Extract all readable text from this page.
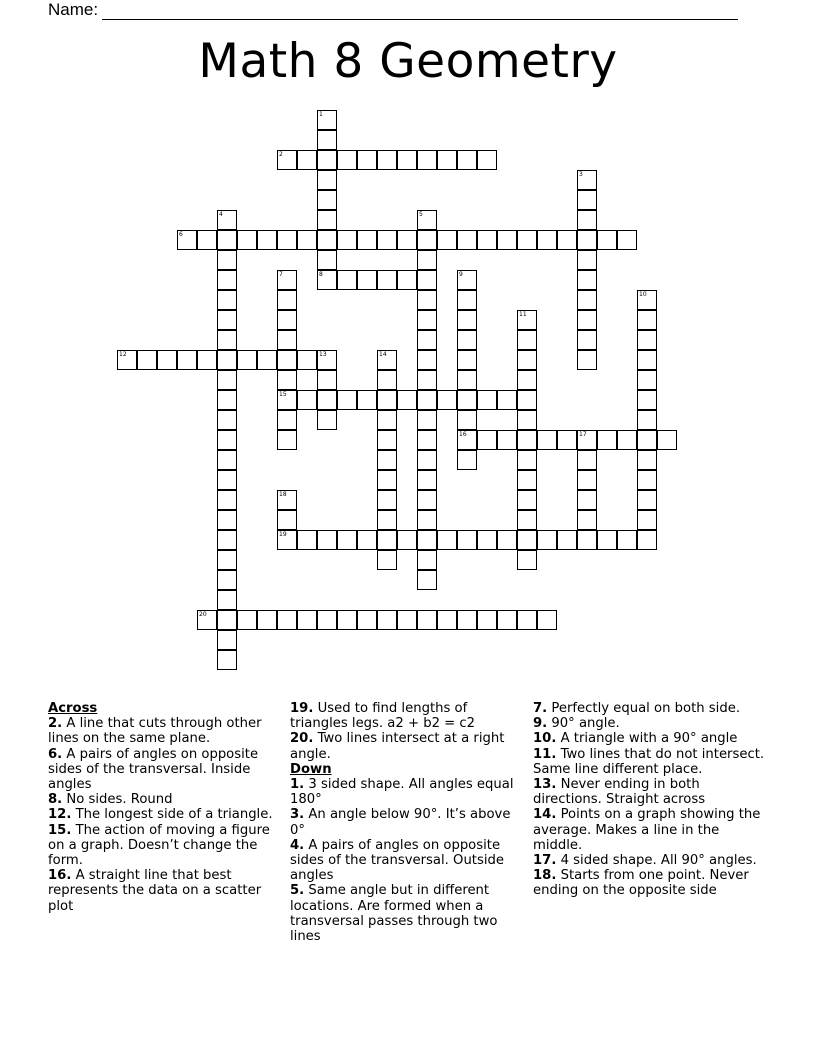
Name:
Math 8 Geometry
2
6
8
12
15
16	17
19
20
1
3
4	5
7	9
10
11
13	14
18
Across
2. A line that cuts through other lines on the same plane.
6. A pairs of angles on opposite sides of the transversal. Inside angles
8. No sides. Round
12. The longest side of a triangle.
15. The action of moving a figure on a graph. Doesn’t change the form.
16. A straight line that best represents the data on a scatter plot
19. Used to find lengths of triangles legs. a2 + b2 = c2
20. Two lines intersect at a right angle.
Down
1. 3 sided shape. All angles equal 180°
3. An angle below 90°. It’s above 0°
4. A pairs of angles on opposite sides of the transversal. Outside angles
5. Same angle but in different locations. Are formed when a transversal passes through two lines
7. Perfectly equal on both side.
9. 90° angle.
10. A triangle with a 90° angle
11. Two lines that do not intersect. Same line different place.
13. Never ending in both directions. Straight across
14. Points on a graph showing the average. Makes a line in the middle.
17. 4 sided shape. All 90° angles.
18. Starts from one point. Never ending on the opposite side
